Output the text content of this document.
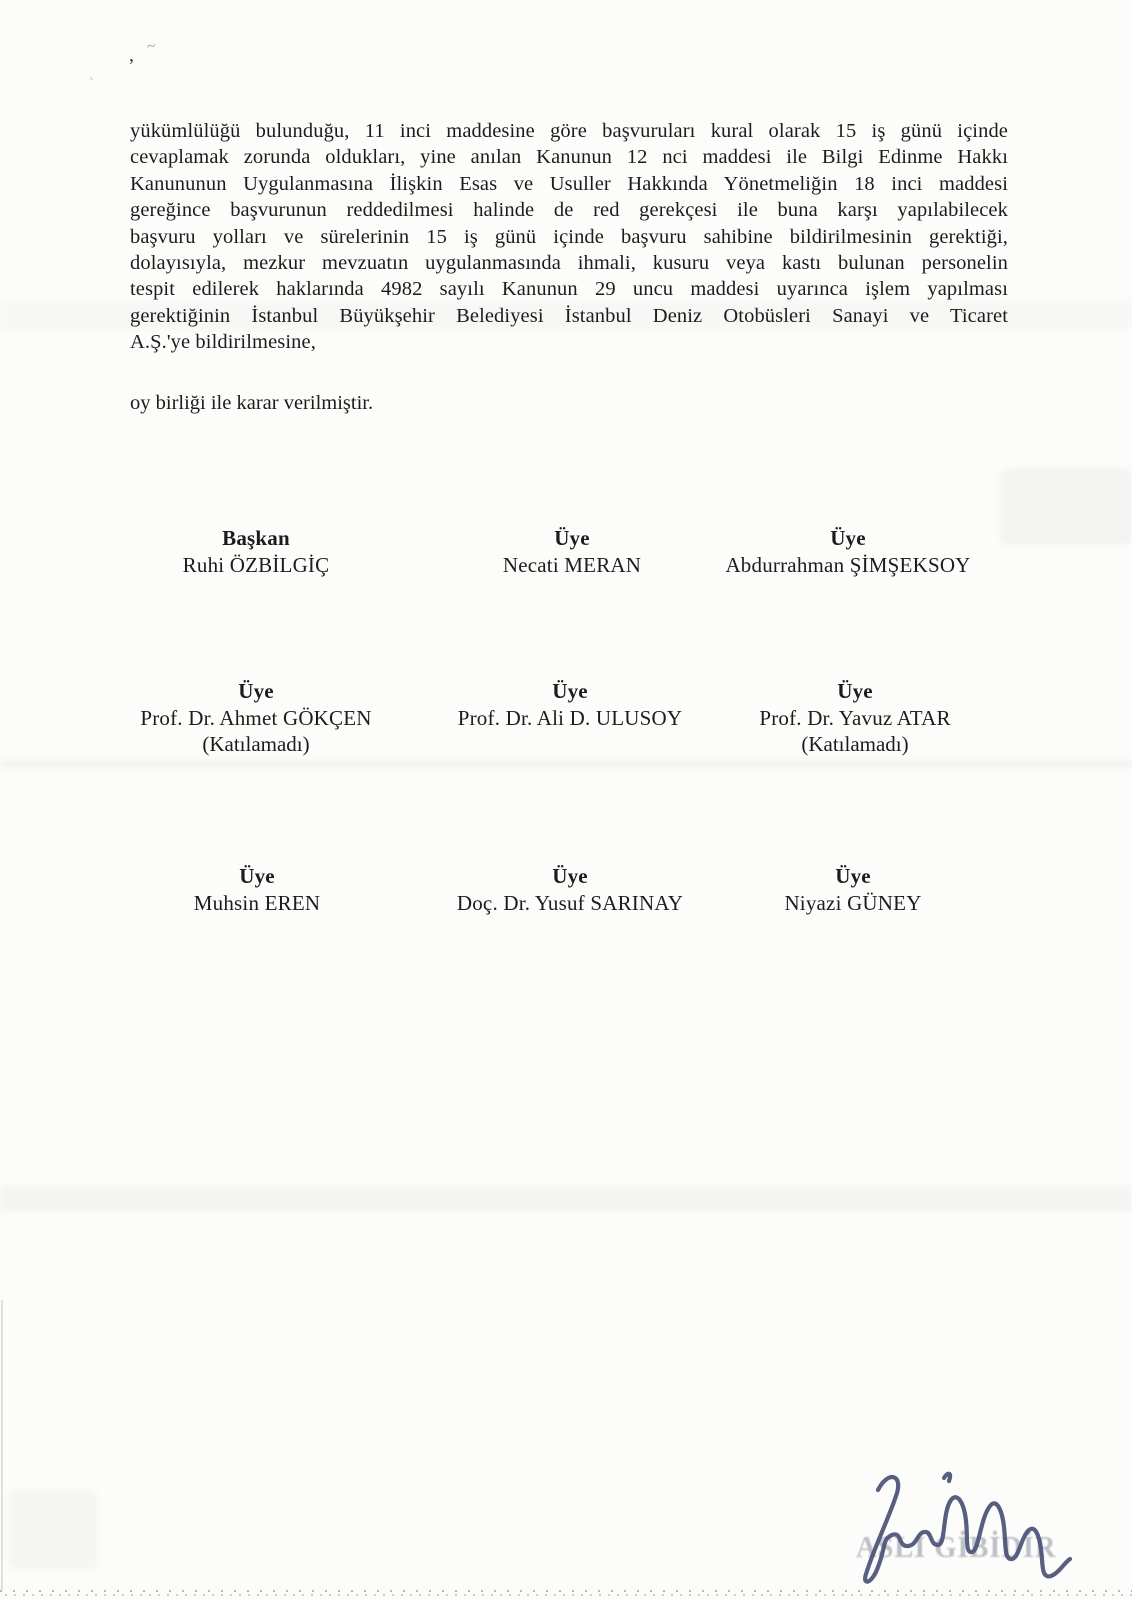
, ~
-
yükümlülüğü bulunduğu, 11 inci maddesine göre başvuruları kural olarak 15 iş günü içinde
cevaplamak zorunda oldukları, yine anılan Kanunun 12 nci maddesi ile Bilgi Edinme Hakkı
Kanununun Uygulanmasına İlişkin Esas ve Usuller Hakkında Yönetmeliğin 18 inci maddesi
gereğince başvurunun reddedilmesi halinde de red gerekçesi ile buna karşı yapılabilecek
başvuru yolları ve sürelerinin 15 iş günü içinde başvuru sahibine bildirilmesinin gerektiği,
dolayısıyla, mezkur mevzuatın uygulanmasında ihmali, kusuru veya kastı bulunan personelin
tespit edilerek haklarında 4982 sayılı Kanunun 29 uncu maddesi uyarınca işlem yapılması
gerektiğinin İstanbul Büyükşehir Belediyesi İstanbul Deniz Otobüsleri Sanayi ve Ticaret
A.Ş.'ye bildirilmesine,
oy birliği ile karar verilmiştir.
Başkan
Ruhi ÖZBİLGİÇ
Üye
Necati MERAN
Üye
Abdurrahman ŞİMŞEKSOY
Üye
Prof. Dr. Ahmet GÖKÇEN
(Katılamadı)
Üye
Prof. Dr. Ali D. ULUSOY
Üye
Prof. Dr. Yavuz ATAR
(Katılamadı)
Üye
Muhsin EREN
Üye
Doç. Dr. Yusuf SARINAY
Üye
Niyazi GÜNEY
ASLI GİBİDİR
